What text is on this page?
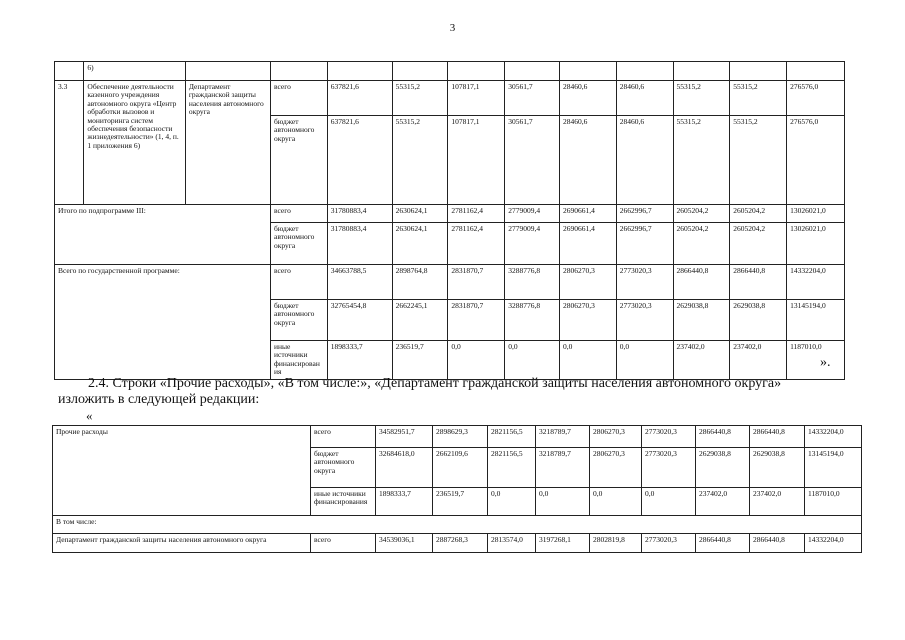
3
	6)											
3.3	Обеспечение деятельности казенного учреждения автономного округа «Центр обработки вызовов и мониторинга систем обеспечения безопасности жизнедеятельности» (1, 4, п. 1 приложения 6)	Департамент гражданской защиты населения автономного округа	всего	637821,6	55315,2	107817,1	30561,7	28460,6	28460,6	55315,2	55315,2	276576,0
			бюджет автономного округа	637821,6	55315,2	107817,1	30561,7	28460,6	28460,6	55315,2	55315,2	276576,0
Итого по подпрограмме III:			всего	31780883,4	2630624,1	2781162,4	2779009,4	2690661,4	2662996,7	2605204,2	2605204,2	13026021,0
			бюджет автономного округа	31780883,4	2630624,1	2781162,4	2779009,4	2690661,4	2662996,7	2605204,2	2605204,2	13026021,0
Всего по государственной программе:			всего	34663788,5	2898764,8	2831870,7	3288776,8	2806270,3	2773020,3	2866440,8	2866440,8	14332204,0
			бюджет автономного округа	32765454,8	2662245,1	2831870,7	3288776,8	2806270,3	2773020,3	2629038,8	2629038,8	13145194,0
			иные источники финансирования	1898333,7	236519,7	0,0	0,0	0,0	0,0	237402,0	237402,0	1187010,0
».
2.4. Строки «Прочие расходы», «В том числе:», «Департамент гражданской защиты населения автономного округа»
изложить в следующей редакции:
«
Прочие расходы	всего	34582951,7	2898629,3	2821156,5	3218789,7	2806270,3	2773020,3	2866440,8	2866440,8	14332204,0
	бюджет автономного округа	32684618,0	2662109,6	2821156,5	3218789,7	2806270,3	2773020,3	2629038,8	2629038,8	13145194,0
	иные источники финансирования	1898333,7	236519,7	0,0	0,0	0,0	0,0	237402,0	237402,0	1187010,0
В том числе:										
Департамент гражданской защиты населения автономного округа	всего	34539036,1	2887268,3	2813574,0	3197268,1	2802819,8	2773020,3	2866440,8	2866440,8	14332204,0
